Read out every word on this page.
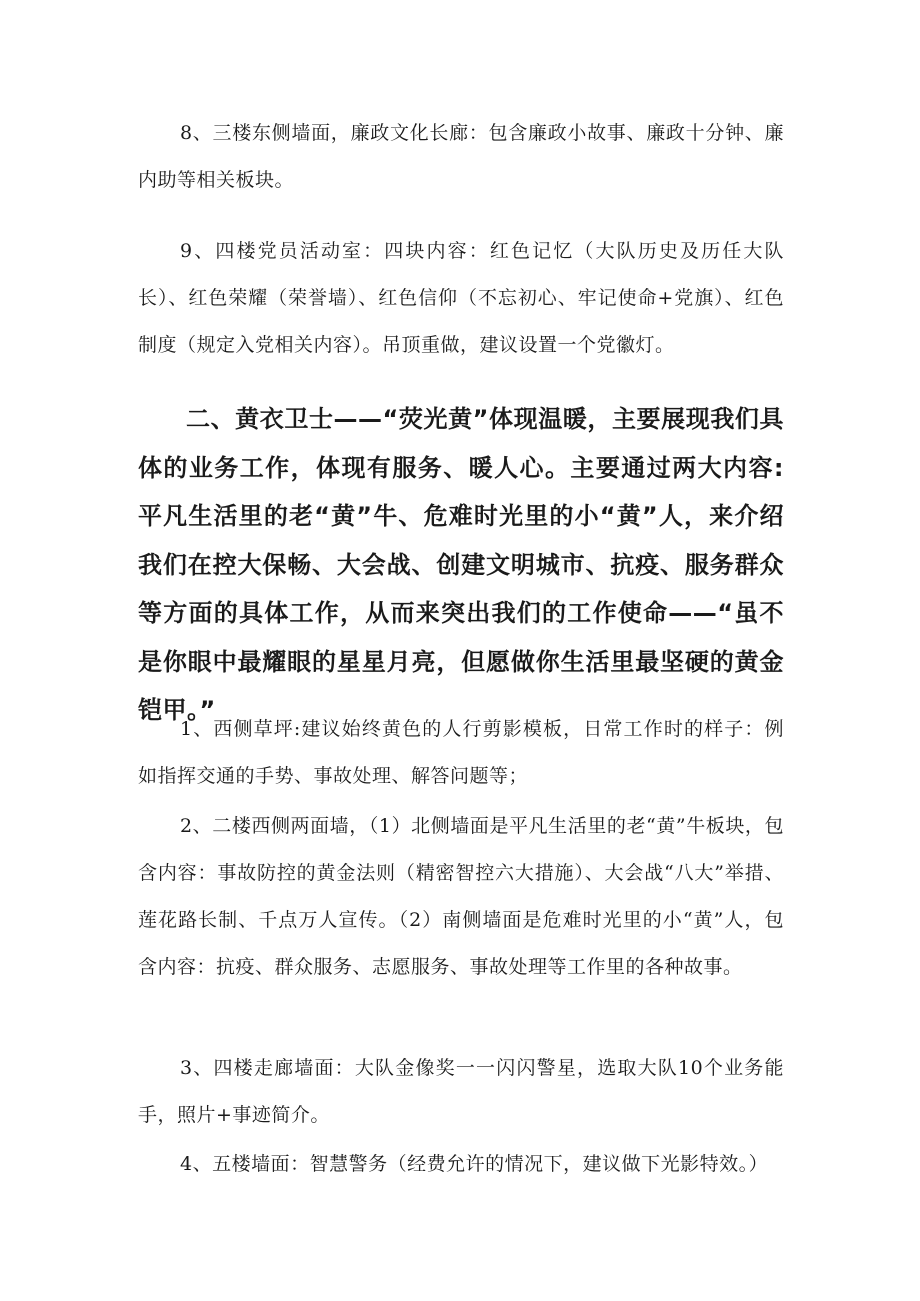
8、三楼东侧墙面，廉政文化长廊：包含廉政小故事、廉政十分钟、廉内助等相关板块。

9、四楼党员活动室：四块内容：红色记忆（大队历史及历任大队长）、红色荣耀（荣誉墙）、红色信仰（不忘初心、牢记使命+党旗）、红色制度（规定入党相关内容）。吊顶重做，建议设置一个党徽灯。

二、黄衣卫士——“荧光黄”体现温暖，主要展现我们具体的业务工作，体现有服务、暖人心。主要通过两大内容:平凡生活里的老“黄”牛、危难时光里的小“黄”人，来介绍我们在控大保畅、大会战、创建文明城市、抗疫、服务群众等方面的具体工作，从而来突出我们的工作使命——“虽不是你眼中最耀眼的星星月亮，但愿做你生活里最坚硬的黄金铠甲。”

1、西侧草坪:建议始终黄色的人行剪影模板，日常工作时的样子：例如指挥交通的手势、事故处理、解答问题等；

2、二楼西侧两面墙，（1）北侧墙面是平凡生活里的老“黄”牛板块，包含内容：事故防控的黄金法则（精密智控六大措施）、大会战“八大”举措、莲花路长制、千点万人宣传。（2）南侧墙面是危难时光里的小“黄”人，包含内容：抗疫、群众服务、志愿服务、事故处理等工作里的各种故事。

3、四楼走廊墙面：大队金像奖一一闪闪警星，选取大队10个业务能手，照片+事迹简介。

4、五楼墙面：智慧警务（经费允许的情况下，建议做下光影特效。）
